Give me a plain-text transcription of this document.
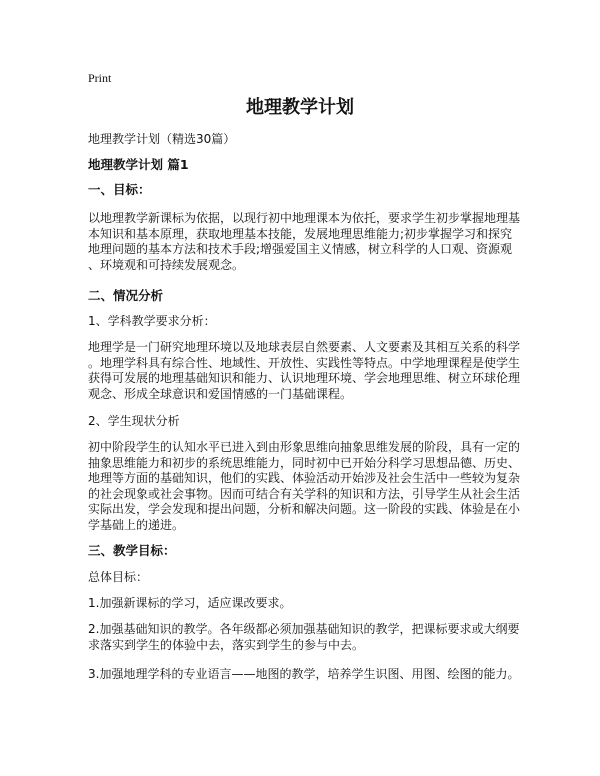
Print
地理教学计划
地理教学计划（精选30篇）
地理教学计划 篇1
一、目标：
以地理教学新课标为依据，以现行初中地理课本为依托，要求学生初步掌握地理基
本知识和基本原理，获取地理基本技能，发展地理思维能力;初步掌握学习和探究
地理问题的基本方法和技术手段;增强爱国主义情感，树立科学的人口观、资源观
、环境观和可持续发展观念。
二、情况分析
1、学科教学要求分析：
地理学是一门研究地理环境以及地球表层自然要素、人文要素及其相互关系的科学
。地理学科具有综合性、地域性、开放性、实践性等特点。中学地理课程是使学生
获得可发展的地理基础知识和能力、认识地理环境、学会地理思维、树立环球伦理
观念、形成全球意识和爱国情感的一门基础课程。
2、学生现状分析
初中阶段学生的认知水平已进入到由形象思维向抽象思维发展的阶段，具有一定的
抽象思维能力和初步的系统思维能力，同时初中已开始分科学习思想品德、历史、
地理等方面的基础知识，他们的实践、体验活动开始涉及社会生活中一些较为复杂
的社会现象或社会事物。因而可结合有关学科的知识和方法，引导学生从社会生活
实际出发，学会发现和提出问题，分析和解决问题。这一阶段的实践、体验是在小
学基础上的递进。
三、教学目标：
总体目标：
1.加强新课标的学习，适应课改要求。
2.加强基础知识的教学。各年级都必须加强基础知识的教学，把课标要求或大纲要
求落实到学生的体验中去，落实到学生的参与中去。
3.加强地理学科的专业语言——地图的教学，培养学生识图、用图、绘图的能力。
